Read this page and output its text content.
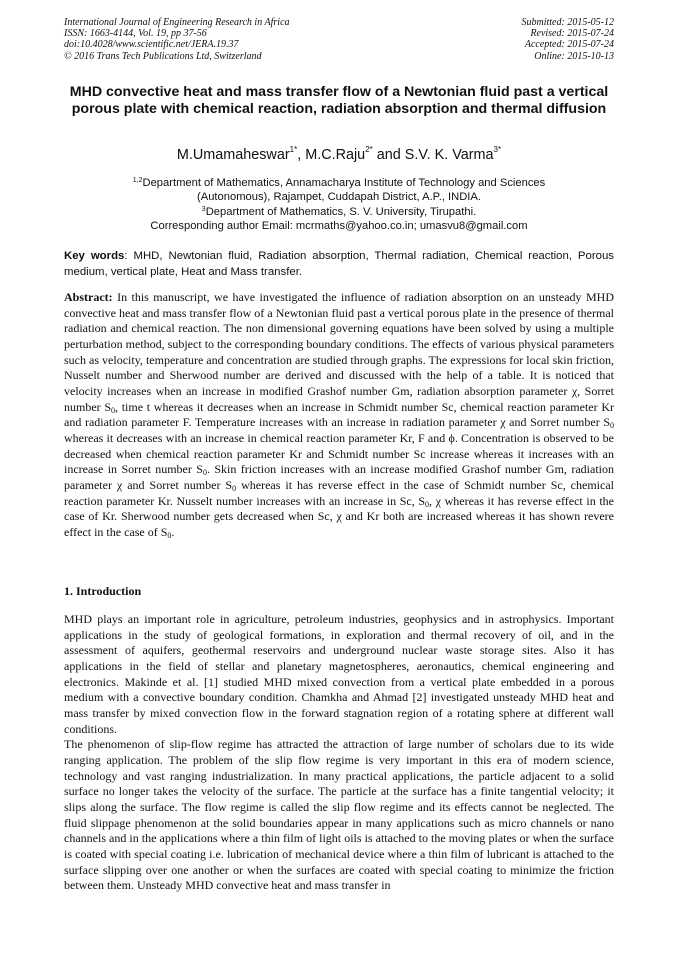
International Journal of Engineering Research in Africa
ISSN: 1663-4144, Vol. 19, pp 37-56
doi:10.4028/www.scientific.net/JERA.19.37
© 2016 Trans Tech Publications Ltd, Switzerland
Submitted: 2015-05-12
Revised: 2015-07-24
Accepted: 2015-07-24
Online: 2015-10-13
MHD convective heat and mass transfer flow of a Newtonian fluid past a vertical porous plate with chemical reaction, radiation absorption and thermal diffusion
M.Umamaheswar$^{1*}$, M.C.Raju$^{2*}$ and S.V. K. Varma$^{3*}$
$^{1,2}$Department of Mathematics, Annamacharya Institute of Technology and Sciences
(Autonomous), Rajampet, Cuddapah District, A.P., INDIA.
$^3$Department of Mathematics, S. V. University, Tirupathi.
Corresponding author Email: mcrmaths@yahoo.co.in; umasvu8@gmail.com

Key words: MHD, Newtonian fluid, Radiation absorption, Thermal radiation, Chemical reaction, Porous medium, vertical plate, Heat and Mass transfer.

Abstract: In this manuscript, we have investigated the influence of radiation absorption on an unsteady MHD convective heat and mass transfer flow of a Newtonian fluid past a vertical porous plate in the presence of thermal radiation and chemical reaction. The non dimensional governing equations have been solved by using a multiple perturbation method, subject to the corresponding boundary conditions. The effects of various physical parameters such as velocity, temperature and concentration are studied through graphs. The expressions for local skin friction, Nusselt number and Sherwood number are derived and discussed with the help of a table. It is noticed that velocity increases when an increase in modified Grashof number Gm, radiation absorption parameter χ, Sorret number $S_0$, time t whereas it decreases when an increase in Schmidt number Sc, chemical reaction parameter Kr and radiation parameter F. Temperature increases with an increase in radiation parameter χ and Sorret number $S_0$ whereas it decreases with an increase in chemical reaction parameter Kr, F and ϕ. Concentration is observed to be decreased when chemical reaction parameter Kr and Schmidt number Sc increase whereas it increases with an increase in Sorret number $S_0$. Skin friction increases with an increase modified Grashof number Gm, radiation parameter χ and Sorret number $S_0$ whereas it has reverse effect in the case of Schmidt number Sc, chemical reaction parameter Kr. Nusselt number increases with an increase in Sc, $S_0$, χ whereas it has reverse effect in the case of Kr. Sherwood number gets decreased when Sc, χ and Kr both are increased whereas it has shown revere effect in the case of $S_0$.

1. Introduction

MHD plays an important role in agriculture, petroleum industries, geophysics and in astrophysics. Important applications in the study of geological formations, in exploration and thermal recovery of oil, and in the assessment of aquifers, geothermal reservoirs and underground nuclear waste storage sites. Also it has applications in the field of stellar and planetary magnetospheres, aeronautics, chemical engineering and electronics. Makinde et al. [1] studied MHD mixed convection from a vertical plate embedded in a porous medium with a convective boundary condition. Chamkha and Ahmad [2] investigated unsteady MHD heat and mass transfer by mixed convection flow in the forward stagnation region of a rotating sphere at different wall conditions.

The phenomenon of slip-flow regime has attracted the attraction of large number of scholars due to its wide ranging application. The problem of the slip flow regime is very important in this era of modern science, technology and vast ranging industrialization. In many practical applications, the particle adjacent to a solid surface no longer takes the velocity of the surface. The particle at the surface has a finite tangential velocity; it slips along the surface. The flow regime is called the slip flow regime and its effects cannot be neglected. The fluid slippage phenomenon at the solid boundaries appear in many applications such as micro channels or nano channels and in the applications where a thin film of light oils is attached to the moving plates or when the surface is coated with special coating i.e. lubrication of mechanical device where a thin film of lubricant is attached to the surface slipping over one another or when the surfaces are coated with special coating to minimize the friction between them. Unsteady MHD convective heat and mass transfer in
